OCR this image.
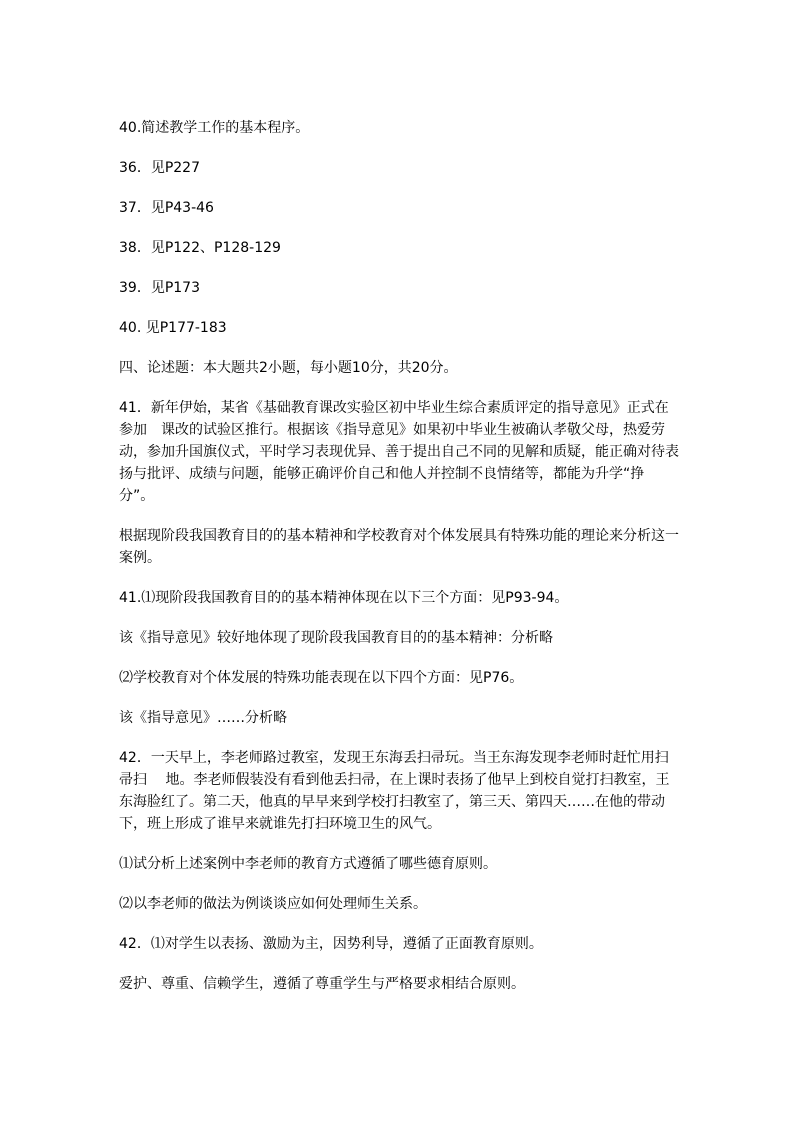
40.简述教学工作的基本程序。

36．见P227

37．见P43-46

38．见P122、P128-129

39．见P173

40. 见P177-183

四、论述题：本大题共2小题，每小题10分，共20分。

41．新年伊始，某省《基础教育课改实验区初中毕业生综合素质评定的指导意见》正式在参加　课改的试验区推行。根据该《指导意见》如果初中毕业生被确认孝敬父母，热爱劳动，参加升国旗仪式，平时学习表现优异、善于提出自己不同的见解和质疑，能正确对待表扬与批评、成绩与问题，能够正确评价自己和他人并控制不良情绪等，都能为升学“挣分”。

根据现阶段我国教育目的的基本精神和学校教育对个体发展具有特殊功能的理论来分析这一案例。

41.⑴现阶段我国教育目的的基本精神体现在以下三个方面：见P93-94。

该《指导意见》较好地体现了现阶段我国教育目的的基本精神：分析略

⑵学校教育对个体发展的特殊功能表现在以下四个方面：见P76。

该《指导意见》……分析略

42．一天早上，李老师路过教室，发现王东海丢扫帚玩。当王东海发现李老师时赶忙用扫帚扫　 地。李老师假装没有看到他丢扫帚，在上课时表扬了他早上到校自觉打扫教室，王东海脸红了。第二天，他真的早早来到学校打扫教室了，第三天、第四天……在他的带动下，班上形成了谁早来就谁先打扫环境卫生的风气。

⑴试分析上述案例中李老师的教育方式遵循了哪些德育原则。

⑵以李老师的做法为例谈谈应如何处理师生关系。

42．⑴对学生以表扬、激励为主，因势利导，遵循了正面教育原则。

爱护、尊重、信赖学生，遵循了尊重学生与严格要求相结合原则。
